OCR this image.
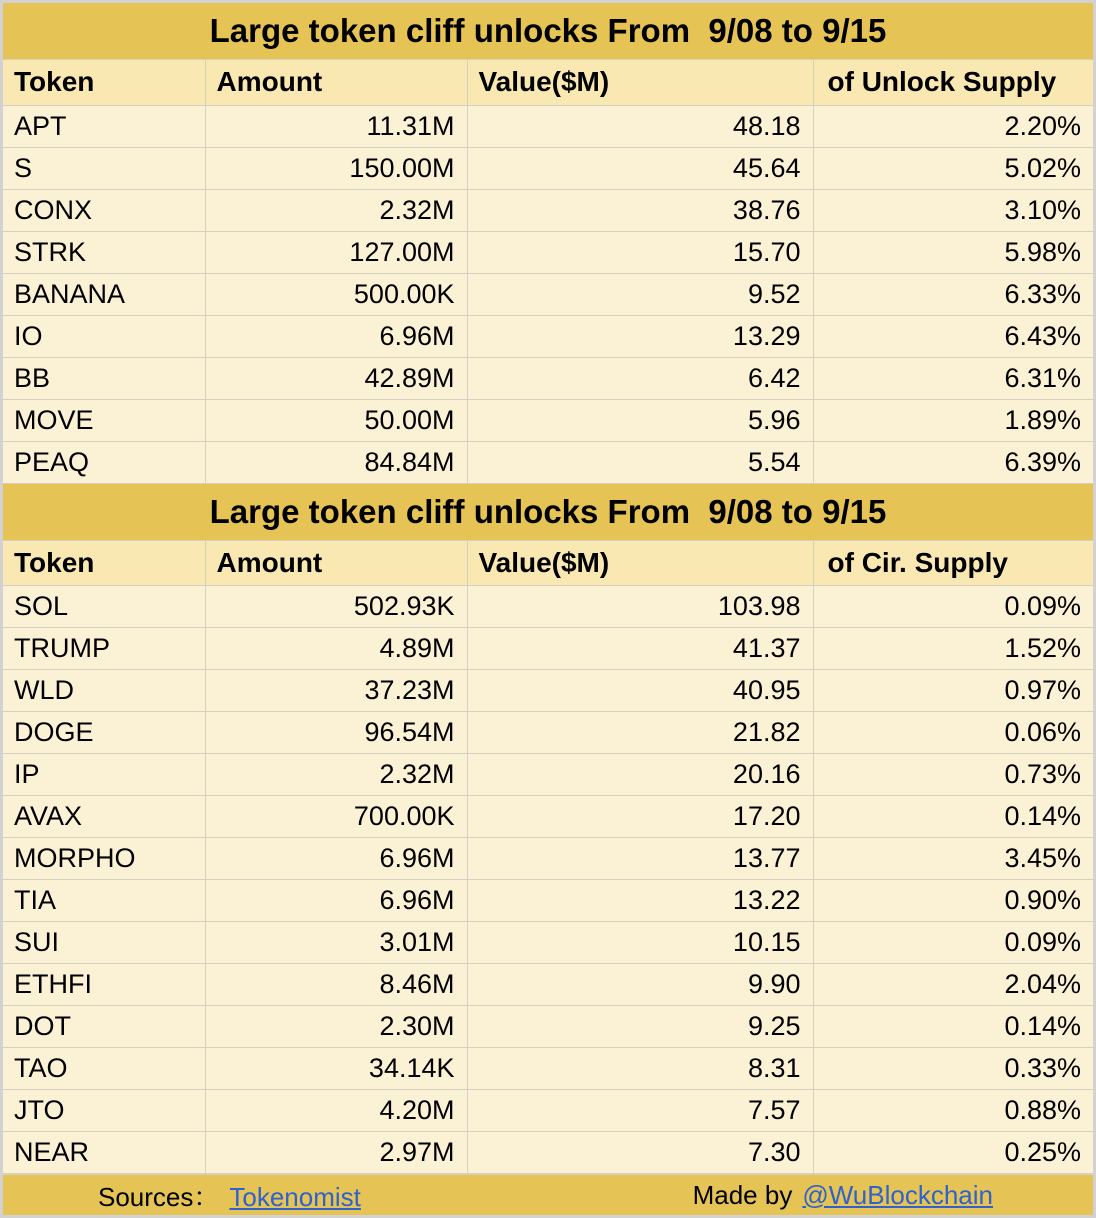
Large token cliff unlocks From  9/08 to 9/15
Token	Amount	Value($M)	of Unlock Supply
APT	11.31M	48.18	2.20%
S	150.00M	45.64	5.02%
CONX	2.32M	38.76	3.10%
STRK	127.00M	15.70	5.98%
BANANA	500.00K	9.52	6.33%
IO	6.96M	13.29	6.43%
BB	42.89M	6.42	6.31%
MOVE	50.00M	5.96	1.89%
PEAQ	84.84M	5.54	6.39%
Large token cliff unlocks From  9/08 to 9/15
Token	Amount	Value($M)	of Cir. Supply
SOL	502.93K	103.98	0.09%
TRUMP	4.89M	41.37	1.52%
WLD	37.23M	40.95	0.97%
DOGE	96.54M	21.82	0.06%
IP	2.32M	20.16	0.73%
AVAX	700.00K	17.20	0.14%
MORPHO	6.96M	13.77	3.45%
TIA	6.96M	13.22	0.90%
SUI	3.01M	10.15	0.09%
ETHFI	8.46M	9.90	2.04%
DOT	2.30M	9.25	0.14%
TAO	34.14K	8.31	0.33%
JTO	4.20M	7.57	0.88%
NEAR	2.97M	7.30	0.25%
Sources： Tokenomist	Made by @WuBlockchain
